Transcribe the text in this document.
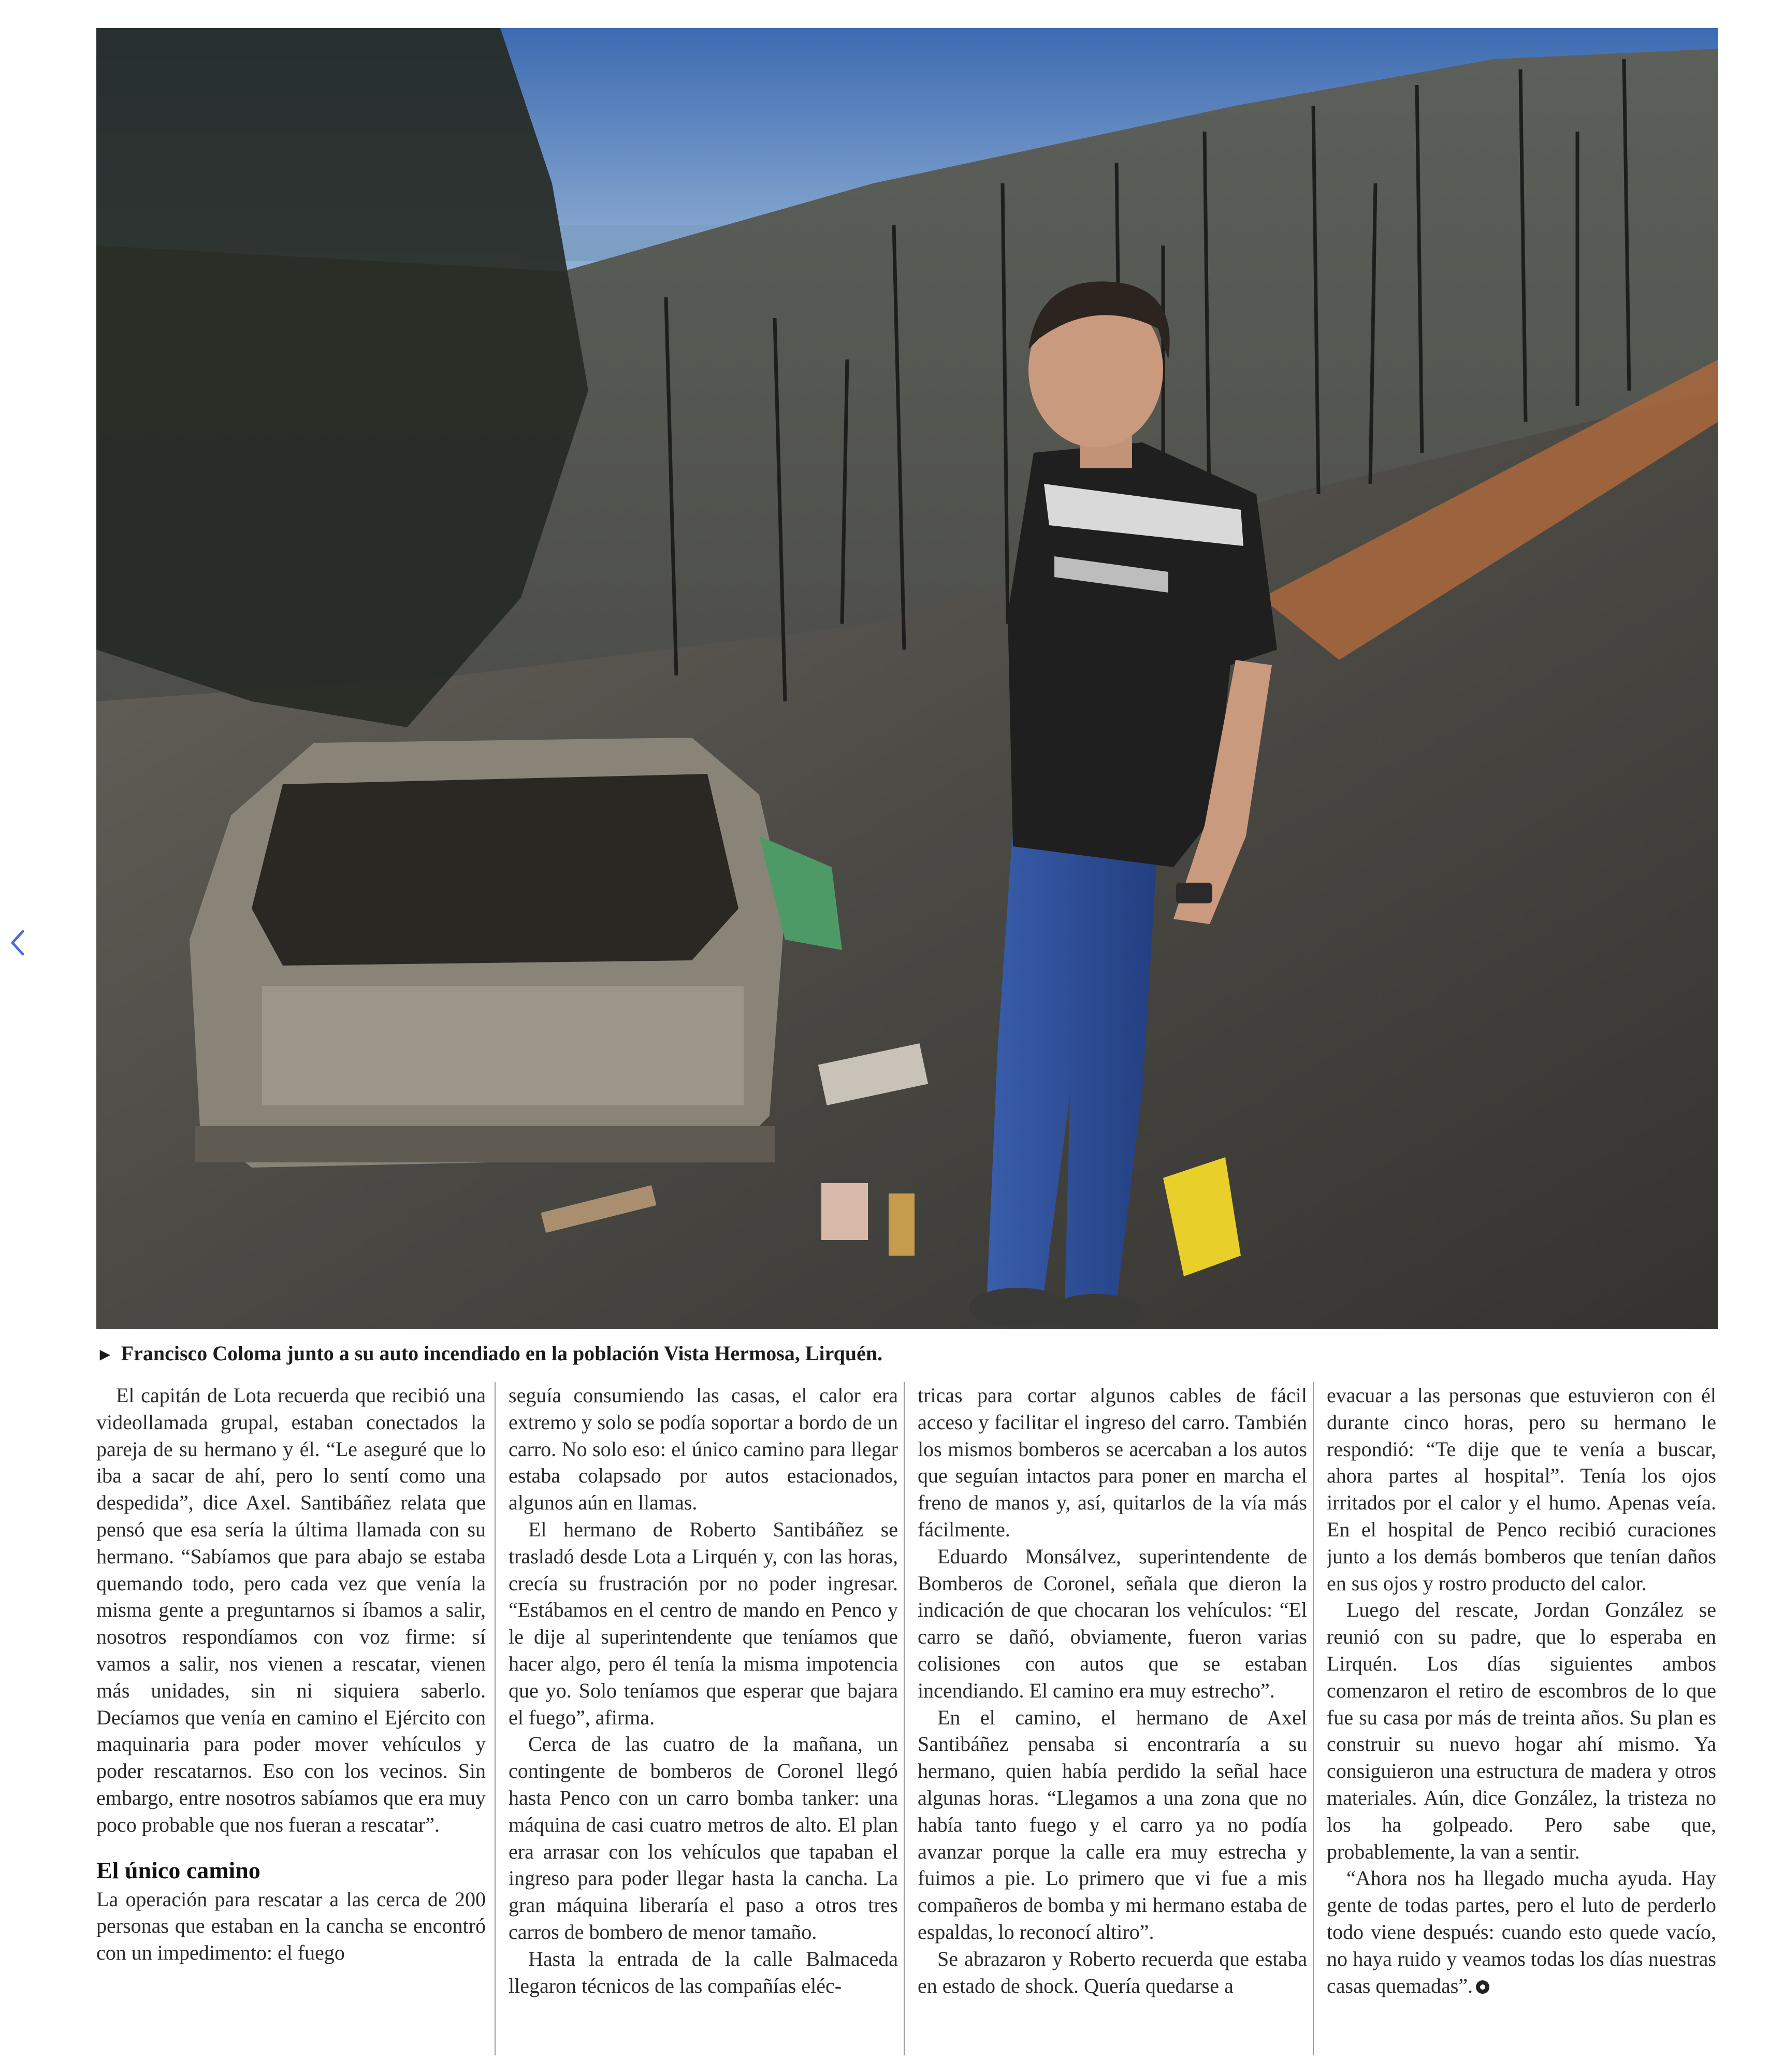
► Francisco Coloma junto a su auto incendiado en la población Vista Hermosa, Lirquén.

El capitán de Lota recuerda que recibió una videollamada grupal, estaban conectados la pareja de su hermano y él. “Le aseguré que lo iba a sacar de ahí, pero lo sentí como una despedida”, dice Axel. Santibáñez relata que pensó que esa sería la última llamada con su hermano. “Sabíamos que para abajo se estaba quemando todo, pero cada vez que venía la misma gente a preguntarnos si íbamos a salir, nosotros respondíamos con voz firme: sí vamos a salir, nos vienen a rescatar, vienen más unidades, sin ni siquiera saberlo. Decíamos que venía en camino el Ejército con maquinaria para poder mover vehículos y poder rescatarnos. Eso con los vecinos. Sin embargo, entre nosotros sabíamos que era muy poco probable que nos fueran a rescatar”.

El único camino

La operación para rescatar a las cerca de 200 personas que estaban en la cancha se encontró con un impedimento: el fuego

seguía consumiendo las casas, el calor era extremo y solo se podía soportar a bordo de un carro. No solo eso: el único camino para llegar estaba colapsado por autos estacionados, algunos aún en llamas.

El hermano de Roberto Santibáñez se trasladó desde Lota a Lirquén y, con las horas, crecía su frustración por no poder ingresar. “Estábamos en el centro de mando en Penco y le dije al superintendente que teníamos que hacer algo, pero él tenía la misma impotencia que yo. Solo teníamos que esperar que bajara el fuego”, afirma.

Cerca de las cuatro de la mañana, un contingente de bomberos de Coronel llegó hasta Penco con un carro bomba tanker: una máquina de casi cuatro metros de alto. El plan era arrasar con los vehículos que tapaban el ingreso para poder llegar hasta la cancha. La gran máquina liberaría el paso a otros tres carros de bombero de menor tamaño.

Hasta la entrada de la calle Balmaceda llegaron técnicos de las compañías eléc-

tricas para cortar algunos cables de fácil acceso y facilitar el ingreso del carro. También los mismos bomberos se acercaban a los autos que seguían intactos para poner en marcha el freno de manos y, así, quitarlos de la vía más fácilmente.

Eduardo Monsálvez, superintendente de Bomberos de Coronel, señala que dieron la indicación de que chocaran los vehículos: “El carro se dañó, obviamente, fueron varias colisiones con autos que se estaban incendiando. El camino era muy estrecho”.

En el camino, el hermano de Axel Santibáñez pensaba si encontraría a su hermano, quien había perdido la señal hace algunas horas. “Llegamos a una zona que no había tanto fuego y el carro ya no podía avanzar porque la calle era muy estrecha y fuimos a pie. Lo primero que vi fue a mis compañeros de bomba y mi hermano estaba de espaldas, lo reconocí altiro”.

Se abrazaron y Roberto recuerda que estaba en estado de shock. Quería quedarse a

evacuar a las personas que estuvieron con él durante cinco horas, pero su hermano le respondió: “Te dije que te venía a buscar, ahora partes al hospital”. Tenía los ojos irritados por el calor y el humo. Apenas veía. En el hospital de Penco recibió curaciones junto a los demás bomberos que tenían daños en sus ojos y rostro producto del calor.

Luego del rescate, Jordan González se reunió con su padre, que lo esperaba en Lirquén. Los días siguientes ambos comenzaron el retiro de escombros de lo que fue su casa por más de treinta años. Su plan es construir su nuevo hogar ahí mismo. Ya consiguieron una estructura de madera y otros materiales. Aún, dice González, la tristeza no los ha golpeado. Pero sabe que, probablemente, la van a sentir.

“Ahora nos ha llegado mucha ayuda. Hay gente de todas partes, pero el luto de perderlo todo viene después: cuando esto quede vacío, no haya ruido y veamos todas los días nuestras casas quemadas”.
